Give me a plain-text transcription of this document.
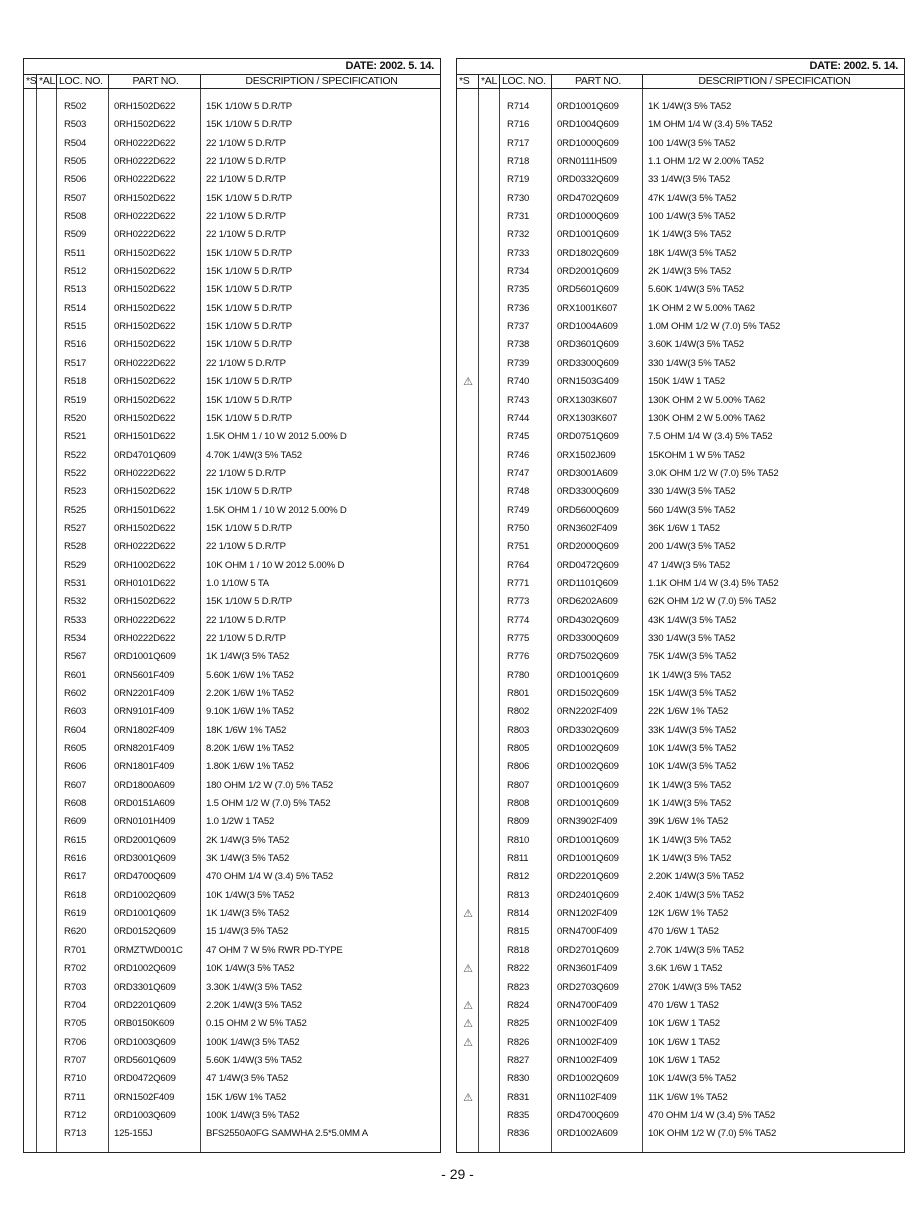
DATE: 2002. 5. 14.
*S *AL LOC. NO.	PART NO.	DESCRIPTION / SPECIFICATION
R502	0RH1502D622	15K 1/10W 5 D.R/TP
R503	0RH1502D622	15K 1/10W 5 D.R/TP
R504	0RH0222D622	22 1/10W 5 D.R/TP
R505	0RH0222D622	22 1/10W 5 D.R/TP
R506	0RH0222D622	22 1/10W 5 D.R/TP
R507	0RH1502D622	15K 1/10W 5 D.R/TP
R508	0RH0222D622	22 1/10W 5 D.R/TP
R509	0RH0222D622	22 1/10W 5 D.R/TP
R511	0RH1502D622	15K 1/10W 5 D.R/TP
R512	0RH1502D622	15K 1/10W 5 D.R/TP
R513	0RH1502D622	15K 1/10W 5 D.R/TP
R514	0RH1502D622	15K 1/10W 5 D.R/TP
R515	0RH1502D622	15K 1/10W 5 D.R/TP
R516	0RH1502D622	15K 1/10W 5 D.R/TP
R517	0RH0222D622	22 1/10W 5 D.R/TP
R518	0RH1502D622	15K 1/10W 5 D.R/TP
R519	0RH1502D622	15K 1/10W 5 D.R/TP
R520	0RH1502D622	15K 1/10W 5 D.R/TP
R521	0RH1501D622	1.5K OHM 1 / 10 W 2012 5.00% D
R522	0RD4701Q609	4.70K 1/4W(3 5% TA52
R522	0RH0222D622	22 1/10W 5 D.R/TP
R523	0RH1502D622	15K 1/10W 5 D.R/TP
R525	0RH1501D622	1.5K OHM 1 / 10 W 2012 5.00% D
R527	0RH1502D622	15K 1/10W 5 D.R/TP
R528	0RH0222D622	22 1/10W 5 D.R/TP
R529	0RH1002D622	10K OHM 1 / 10 W 2012 5.00% D
R531	0RH0101D622	1.0 1/10W 5 TA
R532	0RH1502D622	15K 1/10W 5 D.R/TP
R533	0RH0222D622	22 1/10W 5 D.R/TP
R534	0RH0222D622	22 1/10W 5 D.R/TP
R567	0RD1001Q609	1K 1/4W(3 5% TA52
R601	0RN5601F409	5.60K 1/6W 1% TA52
R602	0RN2201F409	2.20K 1/6W 1% TA52
R603	0RN9101F409	9.10K 1/6W 1% TA52
R604	0RN1802F409	18K 1/6W 1% TA52
R605	0RN8201F409	8.20K 1/6W 1% TA52
R606	0RN1801F409	1.80K 1/6W 1% TA52
R607	0RD1800A609	180 OHM 1/2 W (7.0) 5% TA52
R608	0RD0151A609	1.5 OHM 1/2 W (7.0) 5% TA52
R609	0RN0101H409	1.0 1/2W 1 TA52
R615	0RD2001Q609	2K 1/4W(3 5% TA52
R616	0RD3001Q609	3K 1/4W(3 5% TA52
R617	0RD4700Q609	470 OHM 1/4 W (3.4) 5% TA52
R618	0RD1002Q609	10K 1/4W(3 5% TA52
R619	0RD1001Q609	1K 1/4W(3 5% TA52
R620	0RD0152Q609	15 1/4W(3 5% TA52
R701	0RMZTWD001C	47 OHM 7 W 5% RWR PD-TYPE
R702	0RD1002Q609	10K 1/4W(3 5% TA52
R703	0RD3301Q609	3.30K 1/4W(3 5% TA52
R704	0RD2201Q609	2.20K 1/4W(3 5% TA52
R705	0RB0150K609	0.15 OHM 2 W 5% TA52
R706	0RD1003Q609	100K 1/4W(3 5% TA52
R707	0RD5601Q609	5.60K 1/4W(3 5% TA52
R710	0RD0472Q609	47 1/4W(3 5% TA52
R711	0RN1502F409	15K 1/6W 1% TA52
R712	0RD1003Q609	100K 1/4W(3 5% TA52
R713	125-155J	BFS2550A0FG SAMWHA 2.5*5.0MM A
DATE: 2002. 5. 14.
*S	*AL LOC. NO.	PART NO.	DESCRIPTION / SPECIFICATION
R714	0RD1001Q609	1K 1/4W(3 5% TA52
R716	0RD1004Q609	1M OHM 1/4 W (3.4) 5% TA52
R717	0RD1000Q609	100 1/4W(3 5% TA52
R718	0RN0111H509	1.1 OHM 1/2 W 2.00% TA52
R719	0RD0332Q609	33 1/4W(3 5% TA52
R730	0RD4702Q609	47K 1/4W(3 5% TA52
R731	0RD1000Q609	100 1/4W(3 5% TA52
R732	0RD1001Q609	1K 1/4W(3 5% TA52
R733	0RD1802Q609	18K 1/4W(3 5% TA52
R734	0RD2001Q609	2K 1/4W(3 5% TA52
R735	0RD5601Q609	5.60K 1/4W(3 5% TA52
R736	0RX1001K607	1K OHM 2 W 5.00% TA62
R737	0RD1004A609	1.0M OHM 1/2 W (7.0) 5% TA52
R738	0RD3601Q609	3.60K 1/4W(3 5% TA52
R739	0RD3300Q609	330 1/4W(3 5% TA52
⚠	R740	0RN1503G409	150K 1/4W 1 TA52
R743	0RX1303K607	130K OHM 2 W 5.00% TA62
R744	0RX1303K607	130K OHM 2 W 5.00% TA62
R745	0RD0751Q609	7.5 OHM 1/4 W (3.4) 5% TA52
R746	0RX1502J609	15KOHM 1 W 5% TA52
R747	0RD3001A609	3.0K OHM 1/2 W (7.0) 5% TA52
R748	0RD3300Q609	330 1/4W(3 5% TA52
R749	0RD5600Q609	560 1/4W(3 5% TA52
R750	0RN3602F409	36K 1/6W 1 TA52
R751	0RD2000Q609	200 1/4W(3 5% TA52
R764	0RD0472Q609	47 1/4W(3 5% TA52
R771	0RD1101Q609	1.1K OHM 1/4 W (3.4) 5% TA52
R773	0RD6202A609	62K OHM 1/2 W (7.0) 5% TA52
R774	0RD4302Q609	43K 1/4W(3 5% TA52
R775	0RD3300Q609	330 1/4W(3 5% TA52
R776	0RD7502Q609	75K 1/4W(3 5% TA52
R780	0RD1001Q609	1K 1/4W(3 5% TA52
R801	0RD1502Q609	15K 1/4W(3 5% TA52
R802	0RN2202F409	22K 1/6W 1% TA52
R803	0RD3302Q609	33K 1/4W(3 5% TA52
R805	0RD1002Q609	10K 1/4W(3 5% TA52
R806	0RD1002Q609	10K 1/4W(3 5% TA52
R807	0RD1001Q609	1K 1/4W(3 5% TA52
R808	0RD1001Q609	1K 1/4W(3 5% TA52
R809	0RN3902F409	39K 1/6W 1% TA52
R810	0RD1001Q609	1K 1/4W(3 5% TA52
R811	0RD1001Q609	1K 1/4W(3 5% TA52
R812	0RD2201Q609	2.20K 1/4W(3 5% TA52
R813	0RD2401Q609	2.40K 1/4W(3 5% TA52
⚠	R814	0RN1202F409	12K 1/6W 1% TA52
R815	0RN4700F409	470 1/6W 1 TA52
R818	0RD2701Q609	2.70K 1/4W(3 5% TA52
⚠	R822	0RN3601F409	3.6K 1/6W 1 TA52
R823	0RD2703Q609	270K 1/4W(3 5% TA52
⚠	R824	0RN4700F409	470 1/6W 1 TA52
⚠	R825	0RN1002F409	10K 1/6W 1 TA52
⚠	R826	0RN1002F409	10K 1/6W 1 TA52
R827	0RN1002F409	10K 1/6W 1 TA52
R830	0RD1002Q609	10K 1/4W(3 5% TA52
⚠	R831	0RN1102F409	11K 1/6W 1% TA52
R835	0RD4700Q609	470 OHM 1/4 W (3.4) 5% TA52
R836	0RD1002A609	10K OHM 1/2 W (7.0) 5% TA52
- 29 -
